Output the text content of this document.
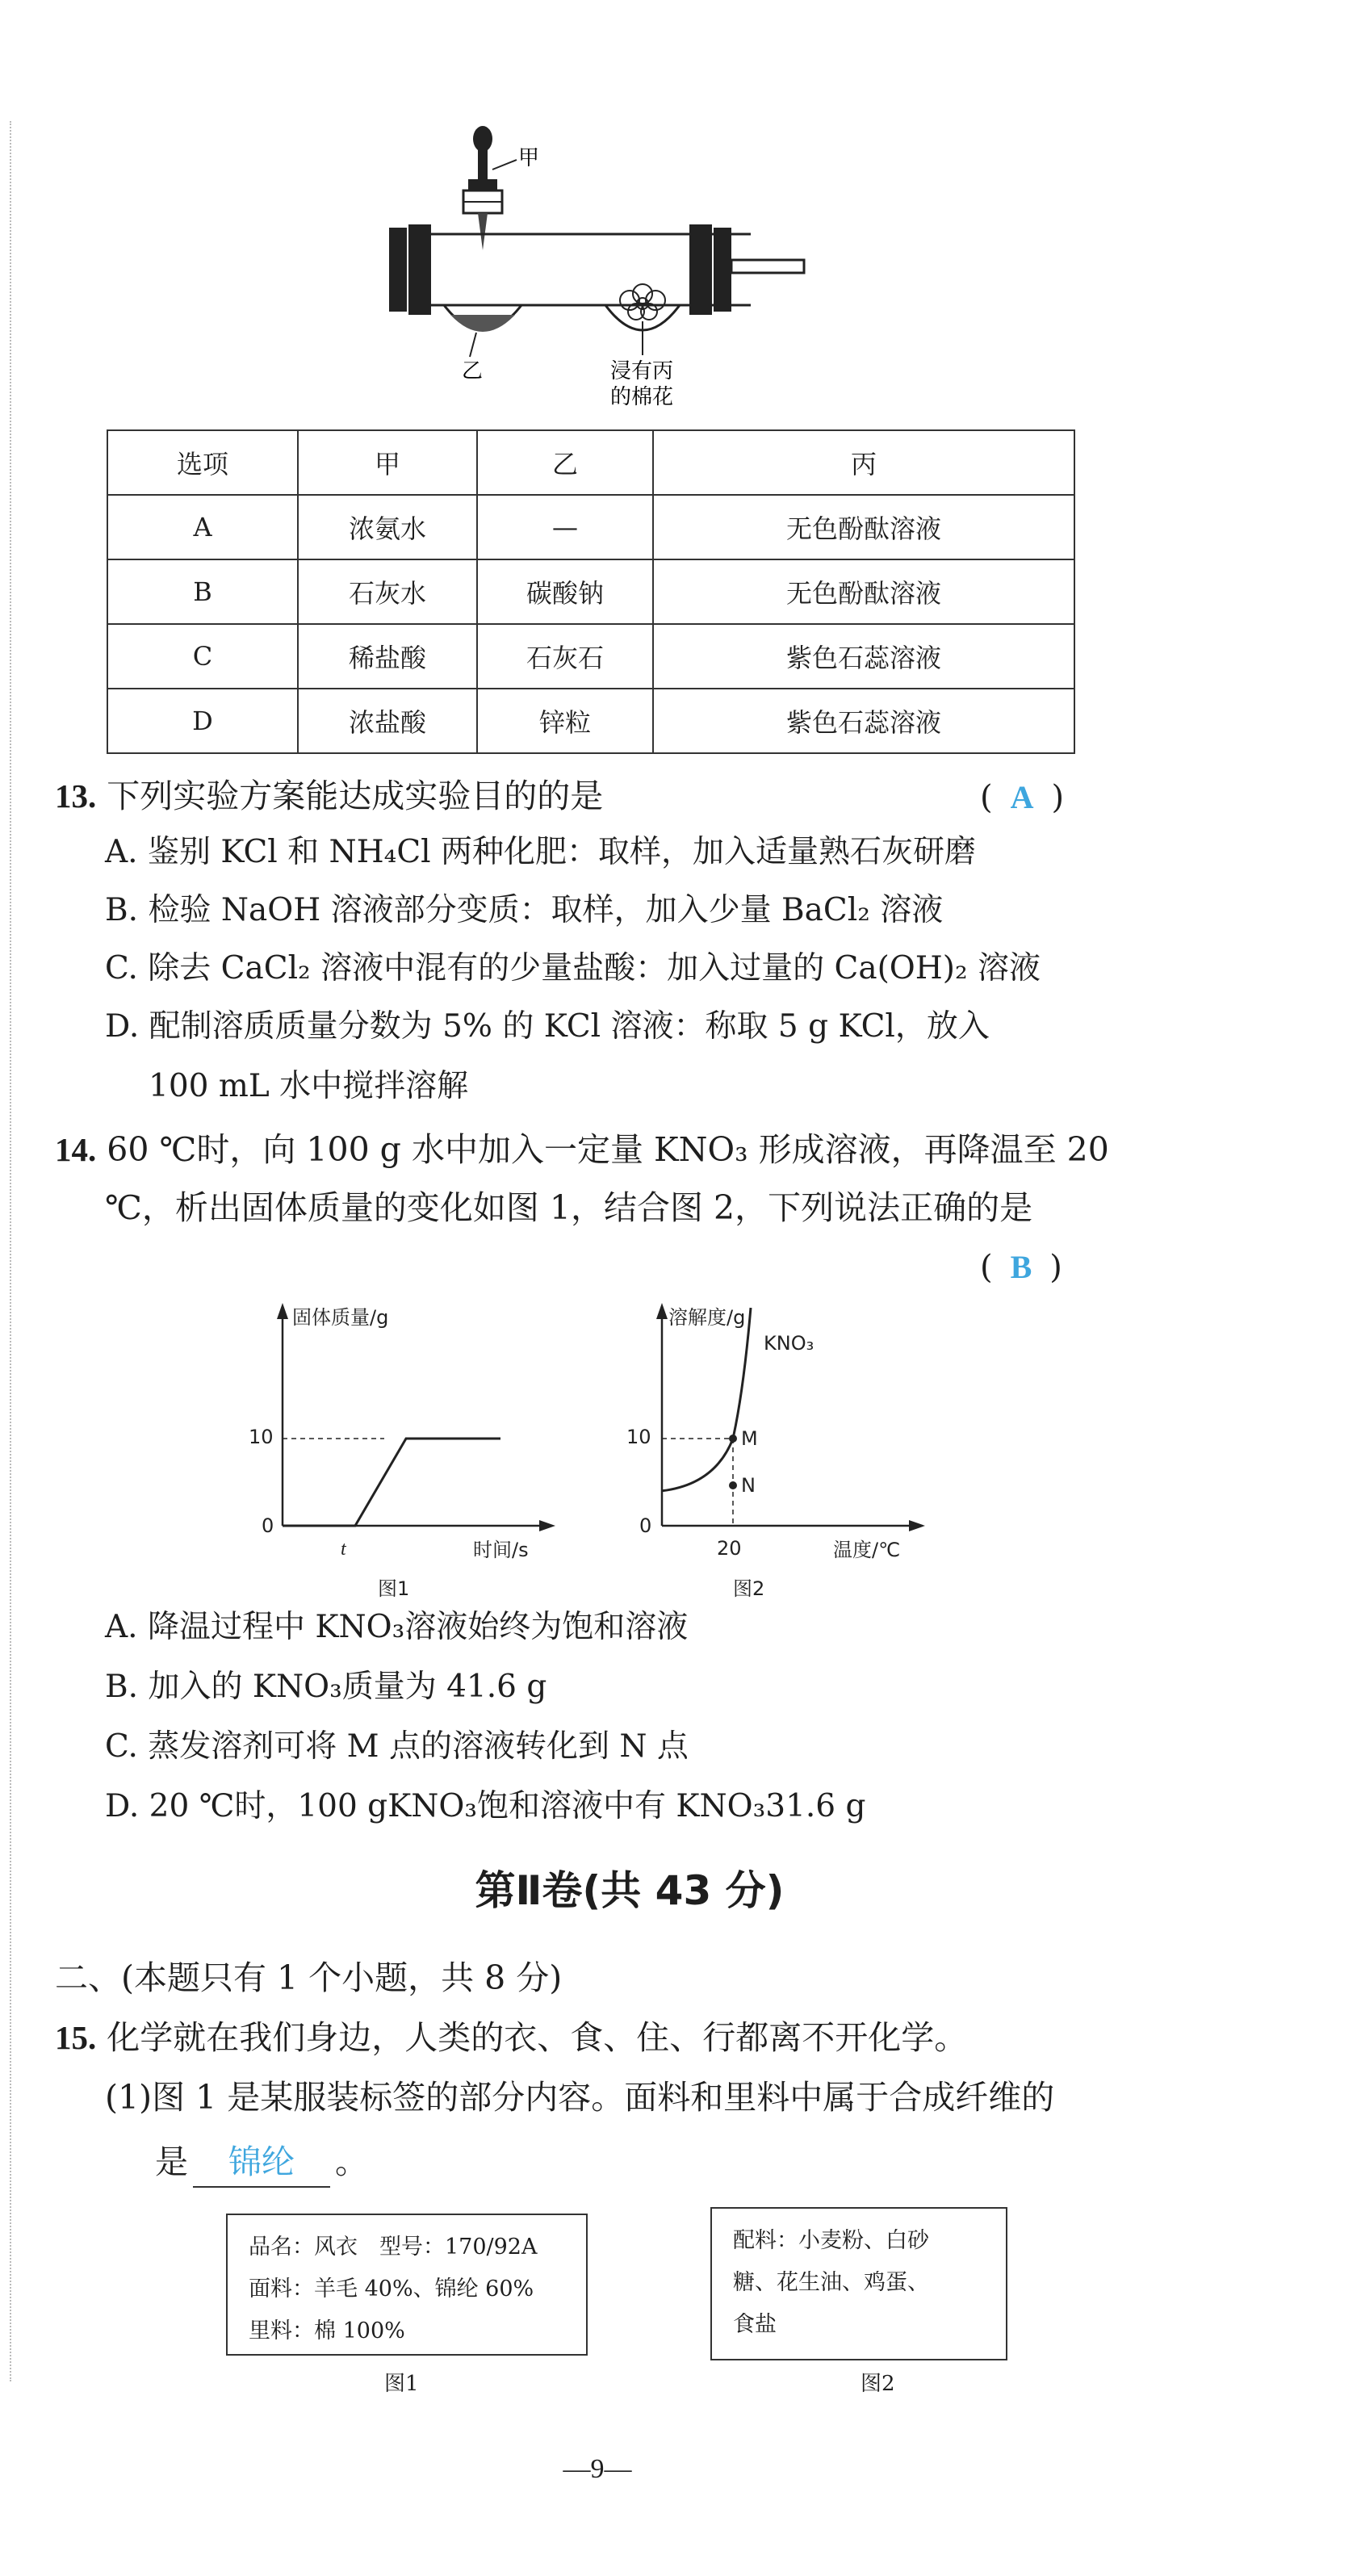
甲
乙	浸有丙
的棉花
选项	甲	乙	丙
A	浓氨水	—	无色酚酞溶液
B	石灰水	碳酸钠	无色酚酞溶液
C	稀盐酸	石灰石	紫色石蕊溶液
D	浓盐酸	锌粒	紫色石蕊溶液
13. 下列实验方案能达成实验目的的是	( A )
A. 鉴别 KCl 和 NH₄Cl 两种化肥：取样，加入适量熟石灰研磨
B. 检验 NaOH 溶液部分变质：取样，加入少量 BaCl₂ 溶液
C. 除去 CaCl₂ 溶液中混有的少量盐酸：加入过量的 Ca(OH)₂ 溶液
D. 配制溶质质量分数为 5% 的 KCl 溶液：称取 5 g KCl，放入
100 mL 水中搅拌溶解
14. 60 ℃时，向 100 g 水中加入一定量 KNO₃ 形成溶液，再降温至 20
℃，析出固体质量的变化如图 1，结合图 2，下列说法正确的是
( B )
固体质量/g
时间/s
10
0
t
图1
溶解度/g
温度/℃
10
0
20
KNO₃
M
N
图2
A. 降温过程中 KNO₃溶液始终为饱和溶液
B. 加入的 KNO₃质量为 41.6 g
C. 蒸发溶剂可将 M 点的溶液转化到 N 点
D. 20 ℃时，100 gKNO₃饱和溶液中有 KNO₃31.6 g
第Ⅱ卷(共 43 分)
二、(本题只有 1 个小题，共 8 分)
15. 化学就在我们身边，人类的衣、食、住、行都离不开化学。
(1)图 1 是某服装标签的部分内容。面料和里料中属于合成纤维的
是 锦纶 。
品名：风衣　型号：170/92A
面料：羊毛 40%、锦纶 60%
里料：棉 100%
图1
配料：小麦粉、白砂
糖、花生油、鸡蛋、
食盐
图2
—9—
